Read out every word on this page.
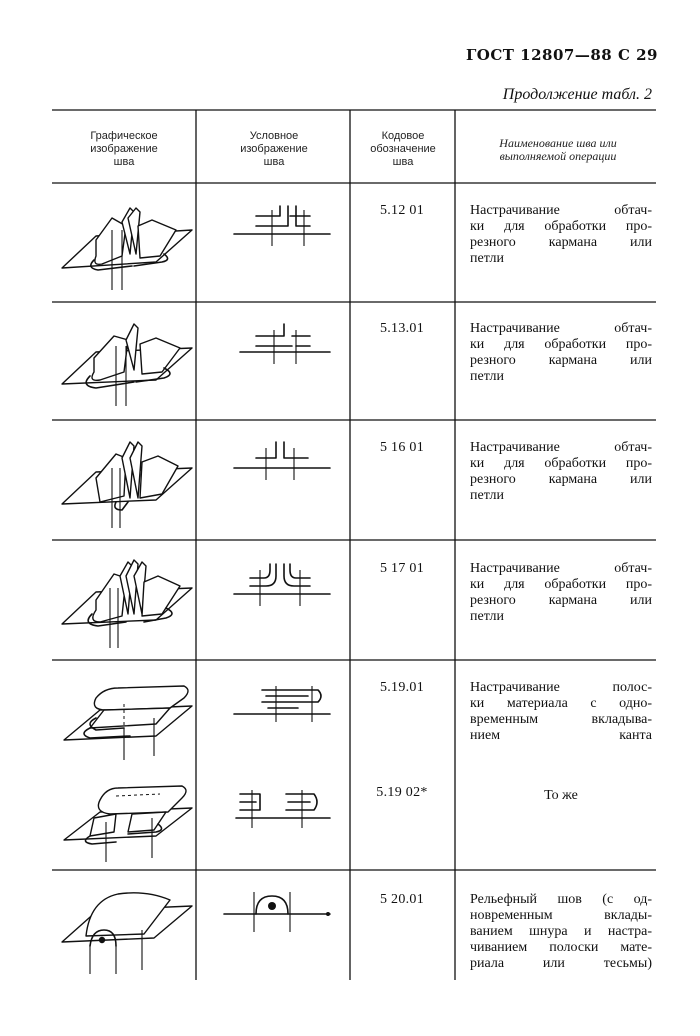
ГОСТ 12807—88 С 29
Продолжение табл. 2
Графическое
изображение
шва
Условное
изображение
шва
Кодовое
обозначение
шва
Наименование шва или
выполняемой операции
5.12 01
5.13.01
5 16 01
5 17 01
5.19.01
5.19 02*
5 20.01
Настрачивание обтач-
ки для обработки про-
резного кармана или
петли
Настрачивание обтач-
ки для обработки про-
резного кармана или
петли
Настрачивание обтач-
ки для обработки про-
резного кармана или
петли
Настрачивание обтач-
ки для обработки про-
резного кармана или
петли
Настрачивание полос-
ки материала с одно-
временным вкладыва-
нием канта
То же
Рельефный шов (с од-
новременным вклады-
ванием шнура и настра-
чиванием полоски мате-
риала или тесьмы)
